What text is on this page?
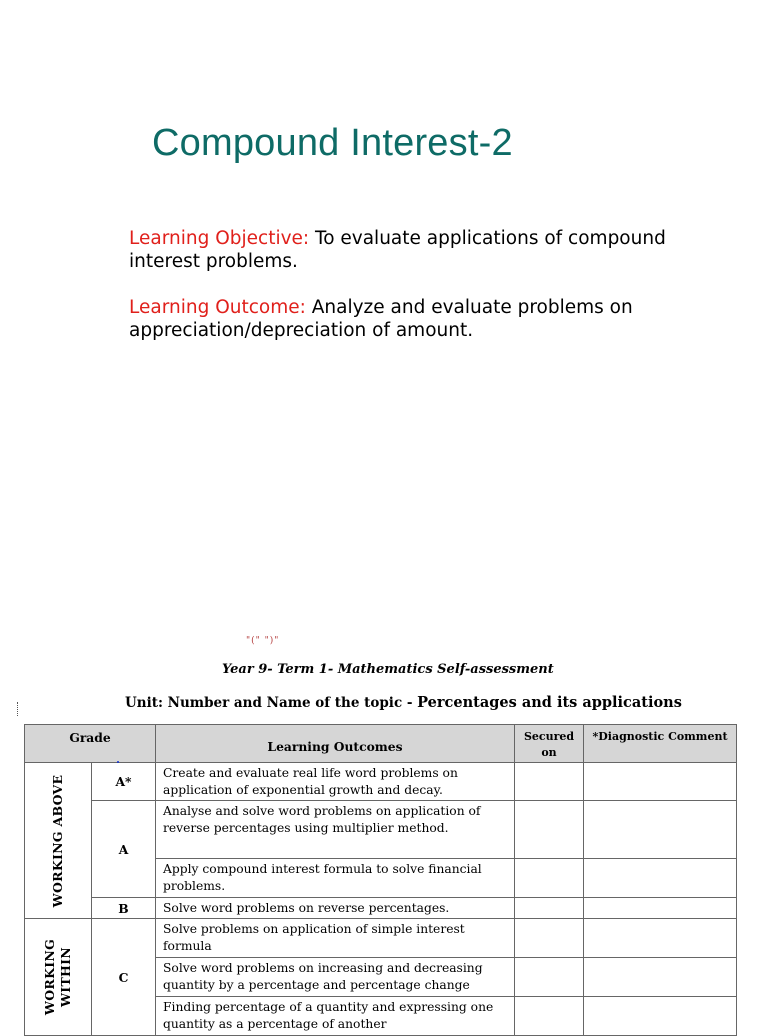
Compound Interest-2

Learning Objective: To evaluate applications of compound interest problems.

Learning Outcome: Analyze and evaluate problems on appreciation/depreciation of amount.

"(" ")"
Year 9- Term 1- Mathematics Self-assessment
Unit: Number and Name of the topic - Percentages and its applications
Grade		Learning Outcomes	Secured on	*Diagnostic Comment

WORKING ABOVE	A*	Create and evaluate real life word problems on application of exponential growth and decay.		
	A	Analyse and solve word problems on application of reverse percentages using multiplier method.		
		Apply compound interest formula to solve financial problems.		
	B	Solve word problems on reverse percentages.		

WORKING WITHIN	C	Solve problems on application of simple interest formula		
		Solve word problems on increasing and decreasing quantity by a percentage and percentage change		
		Finding percentage of a quantity and expressing one quantity as a percentage of another		
